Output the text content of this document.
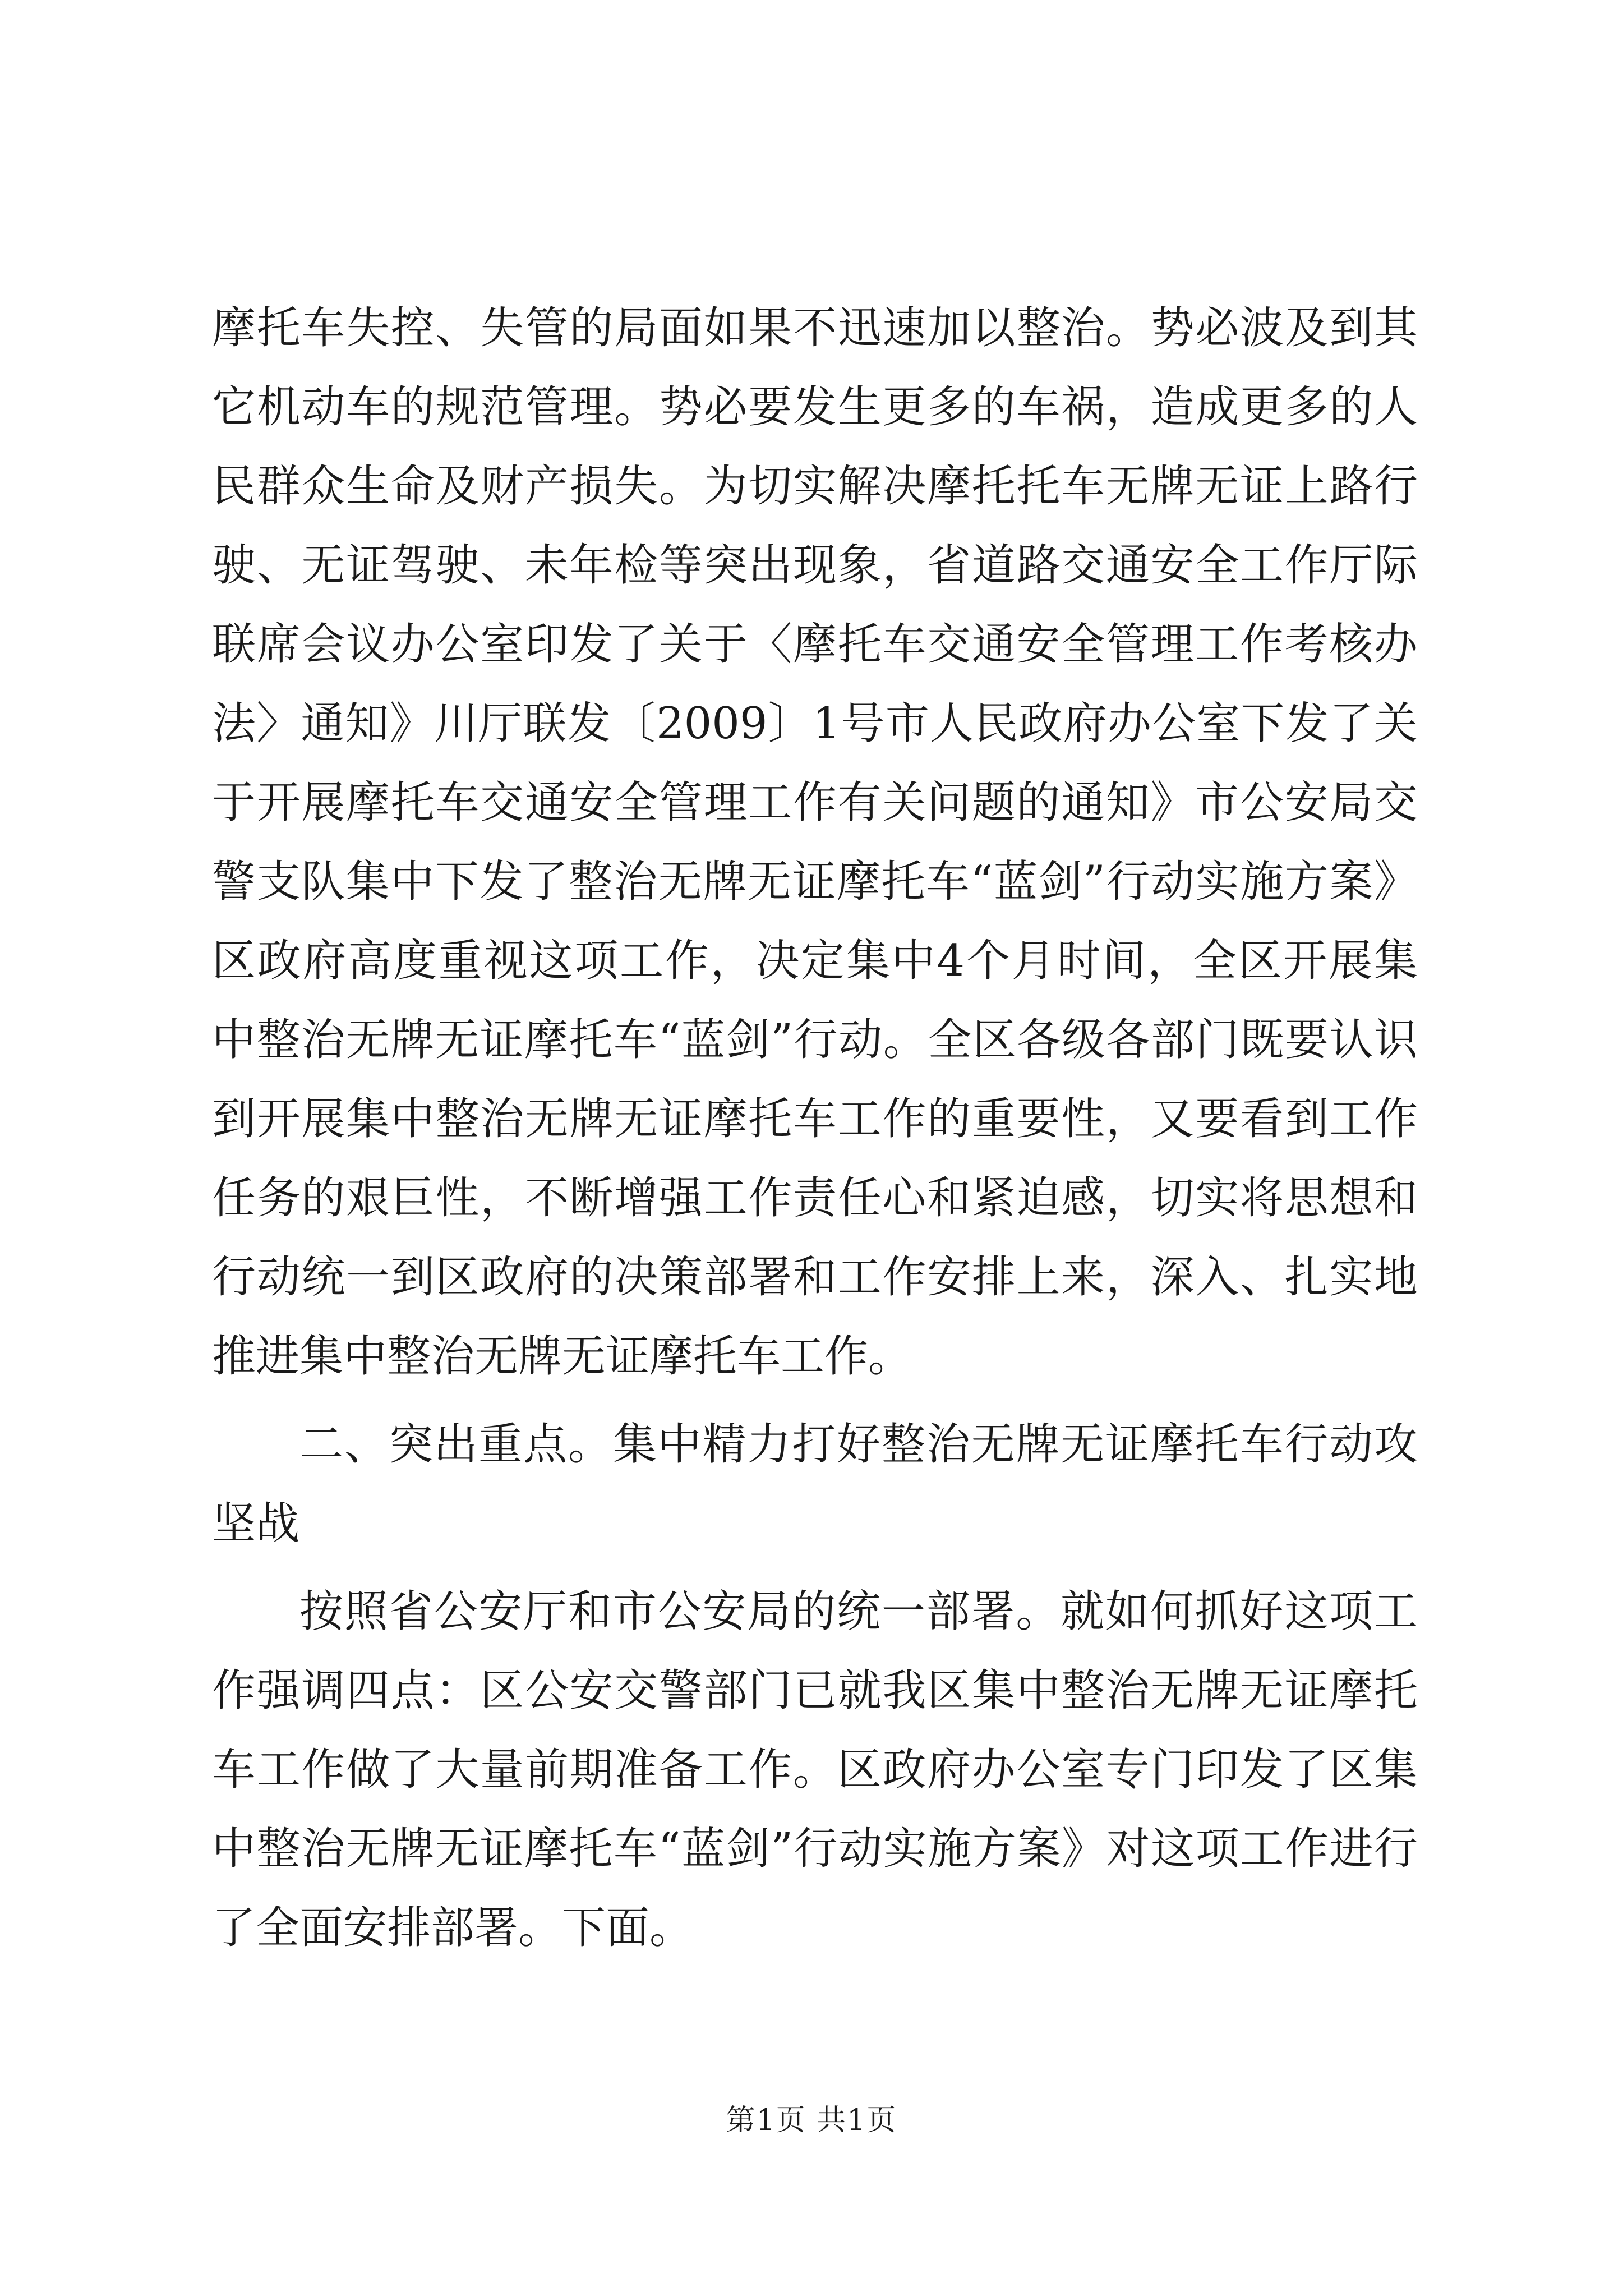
摩托车失控、失管的局面如果不迅速加以整治。势必波及到其它机动车的规范管理。势必要发生更多的车祸，造成更多的人民群众生命及财产损失。为切实解决摩托托车无牌无证上路行驶、无证驾驶、未年检等突出现象，省道路交通安全工作厅际联席会议办公室印发了关于〈摩托车交通安全管理工作考核办法〉通知》川厅联发〔2009〕1号市人民政府办公室下发了关于开展摩托车交通安全管理工作有关问题的通知》市公安局交警支队集中下发了整治无牌无证摩托车“蓝剑”行动实施方案》区政府高度重视这项工作，决定集中4个月时间，全区开展集中整治无牌无证摩托车“蓝剑”行动。全区各级各部门既要认识到开展集中整治无牌无证摩托车工作的重要性，又要看到工作任务的艰巨性，不断增强工作责任心和紧迫感，切实将思想和行动统一到区政府的决策部署和工作安排上来，深入、扎实地推进集中整治无牌无证摩托车工作。

二、突出重点。集中精力打好整治无牌无证摩托车行动攻坚战

按照省公安厅和市公安局的统一部署。就如何抓好这项工作强调四点：区公安交警部门已就我区集中整治无牌无证摩托车工作做了大量前期准备工作。区政府办公室专门印发了区集中整治无牌无证摩托车“蓝剑”行动实施方案》对这项工作进行了全面安排部署。下面。

第1页 共1页
